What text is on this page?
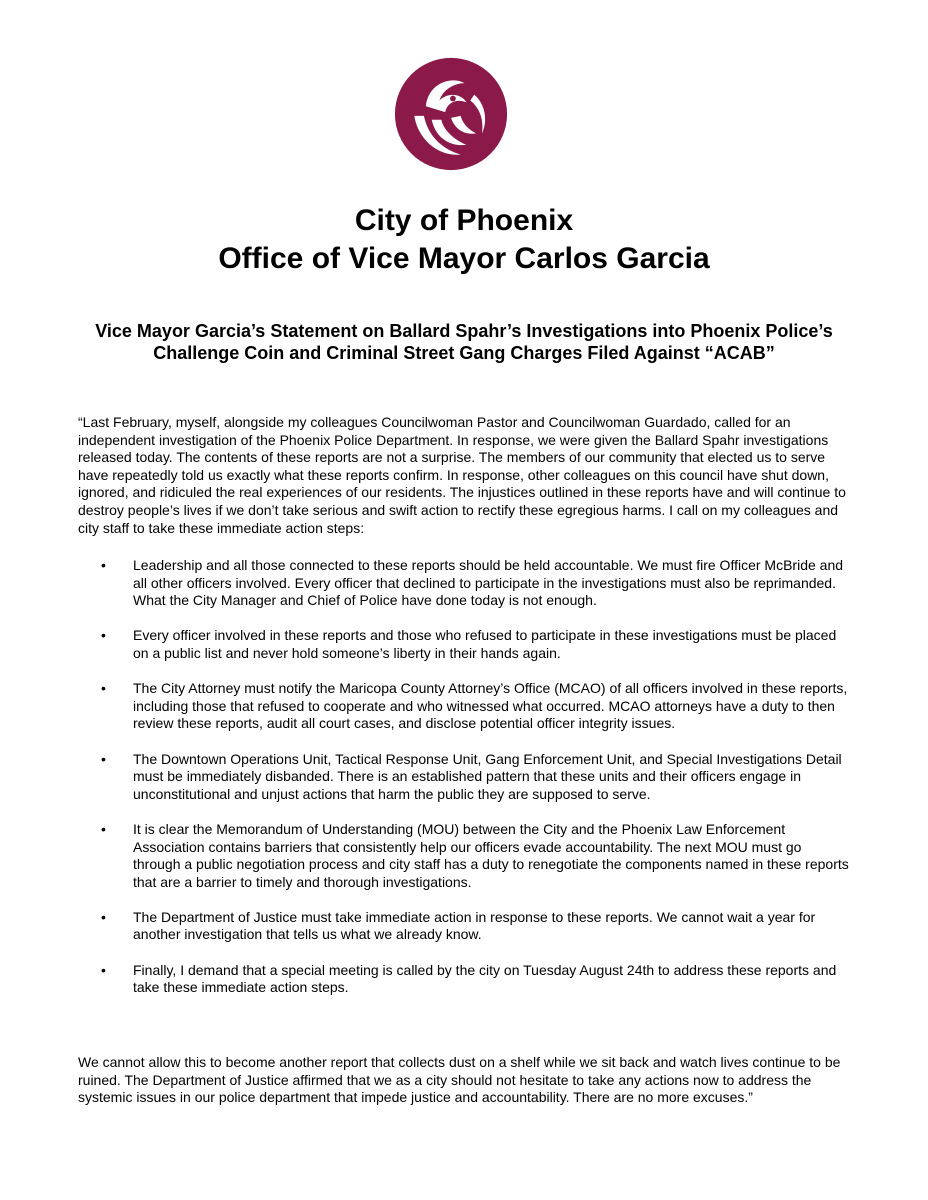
City of Phoenix
Office of Vice Mayor Carlos Garcia
Vice Mayor Garcia’s Statement on Ballard Spahr’s Investigations into Phoenix Police’s Challenge Coin and Criminal Street Gang Charges Filed Against “ACAB”

“Last February, myself, alongside my colleagues Councilwoman Pastor and Councilwoman Guardado, called for an independent investigation of the Phoenix Police Department. In response, we were given the Ballard Spahr investigations released today. The contents of these reports are not a surprise. The members of our community that elected us to serve have repeatedly told us exactly what these reports confirm. In response, other colleagues on this council have shut down, ignored, and ridiculed the real experiences of our residents. The injustices outlined in these reports have and will continue to destroy people’s lives if we don’t take serious and swift action to rectify these egregious harms. I call on my colleagues and city staff to take these immediate action steps:

• Leadership and all those connected to these reports should be held accountable. We must fire Officer McBride and all other officers involved. Every officer that declined to participate in the investigations must also be reprimanded. What the City Manager and Chief of Police have done today is not enough.
• Every officer involved in these reports and those who refused to participate in these investigations must be placed on a public list and never hold someone’s liberty in their hands again.
• The City Attorney must notify the Maricopa County Attorney’s Office (MCAO) of all officers involved in these reports, including those that refused to cooperate and who witnessed what occurred. MCAO attorneys have a duty to then review these reports, audit all court cases, and disclose potential officer integrity issues.
• The Downtown Operations Unit, Tactical Response Unit, Gang Enforcement Unit, and Special Investigations Detail must be immediately disbanded. There is an established pattern that these units and their officers engage in unconstitutional and unjust actions that harm the public they are supposed to serve.
• It is clear the Memorandum of Understanding (MOU) between the City and the Phoenix Law Enforcement Association contains barriers that consistently help our officers evade accountability. The next MOU must go through a public negotiation process and city staff has a duty to renegotiate the components named in these reports that are a barrier to timely and thorough investigations.
• The Department of Justice must take immediate action in response to these reports. We cannot wait a year for another investigation that tells us what we already know.
• Finally, I demand that a special meeting is called by the city on Tuesday August 24th to address these reports and take these immediate action steps.

We cannot allow this to become another report that collects dust on a shelf while we sit back and watch lives continue to be ruined. The Department of Justice affirmed that we as a city should not hesitate to take any actions now to address the systemic issues in our police department that impede justice and accountability. There are no more excuses.”
